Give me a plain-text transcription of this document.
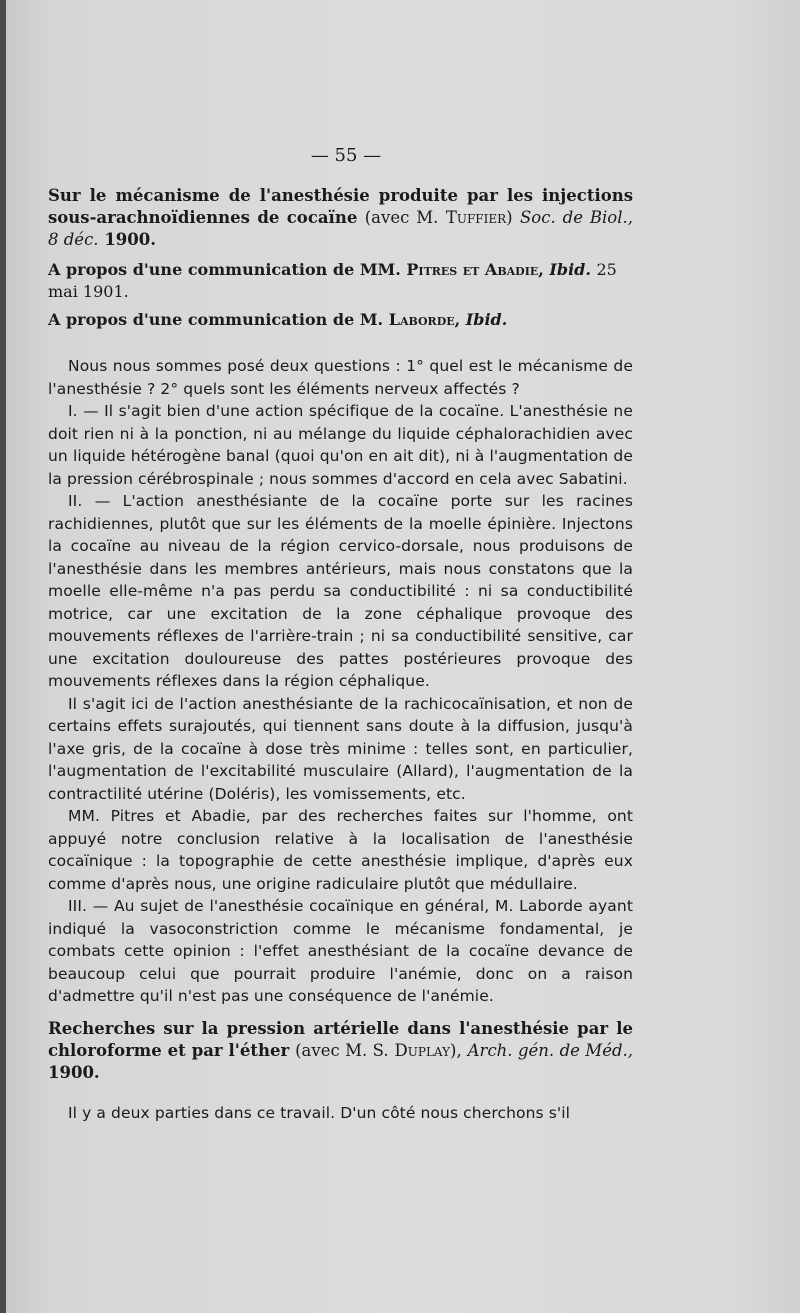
— 55 —

Sur le mécanisme de l'anesthésie produite par les injections sous-arachnoïdiennes de cocaïne (avec M. Tuffier) Soc. de Biol., 8 déc. 1900.

A propos d'une communication de MM. Pitres et Abadie, Ibid. 25 mai 1901.

A propos d'une communication de M. Laborde, Ibid.

Nous nous sommes posé deux questions : 1° quel est le mécanisme de l'anesthésie ? 2° quels sont les éléments nerveux affectés ?

I. — Il s'agit bien d'une action spécifique de la cocaïne. L'anesthésie ne doit rien ni à la ponction, ni au mélange du liquide céphalorachidien avec un liquide hétérogène banal (quoi qu'on en ait dit), ni à l'augmentation de la pression cérébrospinale ; nous sommes d'accord en cela avec Sabatini.

II. — L'action anesthésiante de la cocaïne porte sur les racines rachidiennes, plutôt que sur les éléments de la moelle épinière. Injectons la cocaïne au niveau de la région cervico-dorsale, nous produisons de l'anesthésie dans les membres antérieurs, mais nous constatons que la moelle elle-même n'a pas perdu sa conductibilité : ni sa conductibilité motrice, car une excitation de la zone céphalique provoque des mouvements réflexes de l'arrière-train ; ni sa conductibilité sensitive, car une excitation douloureuse des pattes postérieures provoque des mouvements réflexes dans la région céphalique.

Il s'agit ici de l'action anesthésiante de la rachicocaïnisation, et non de certains effets surajoutés, qui tiennent sans doute à la diffusion, jusqu'à l'axe gris, de la cocaïne à dose très minime : telles sont, en particulier, l'augmentation de l'excitabilité musculaire (Allard), l'augmentation de la contractilité utérine (Doléris), les vomissements, etc.

MM. Pitres et Abadie, par des recherches faites sur l'homme, ont appuyé notre conclusion relative à la localisation de l'anesthésie cocaïnique : la topographie de cette anesthésie implique, d'après eux comme d'après nous, une origine radiculaire plutôt que médullaire.

III. — Au sujet de l'anesthésie cocaïnique en général, M. Laborde ayant indiqué la vasoconstriction comme le mécanisme fondamental, je combats cette opinion : l'effet anesthésiant de la cocaïne devance de beaucoup celui que pourrait produire l'anémie, donc on a raison d'admettre qu'il n'est pas une conséquence de l'anémie.

Recherches sur la pression artérielle dans l'anesthésie par le chloroforme et par l'éther (avec M. S. Duplay), Arch. gén. de Méd., 1900.

Il y a deux parties dans ce travail. D'un côté nous cherchons s'il
